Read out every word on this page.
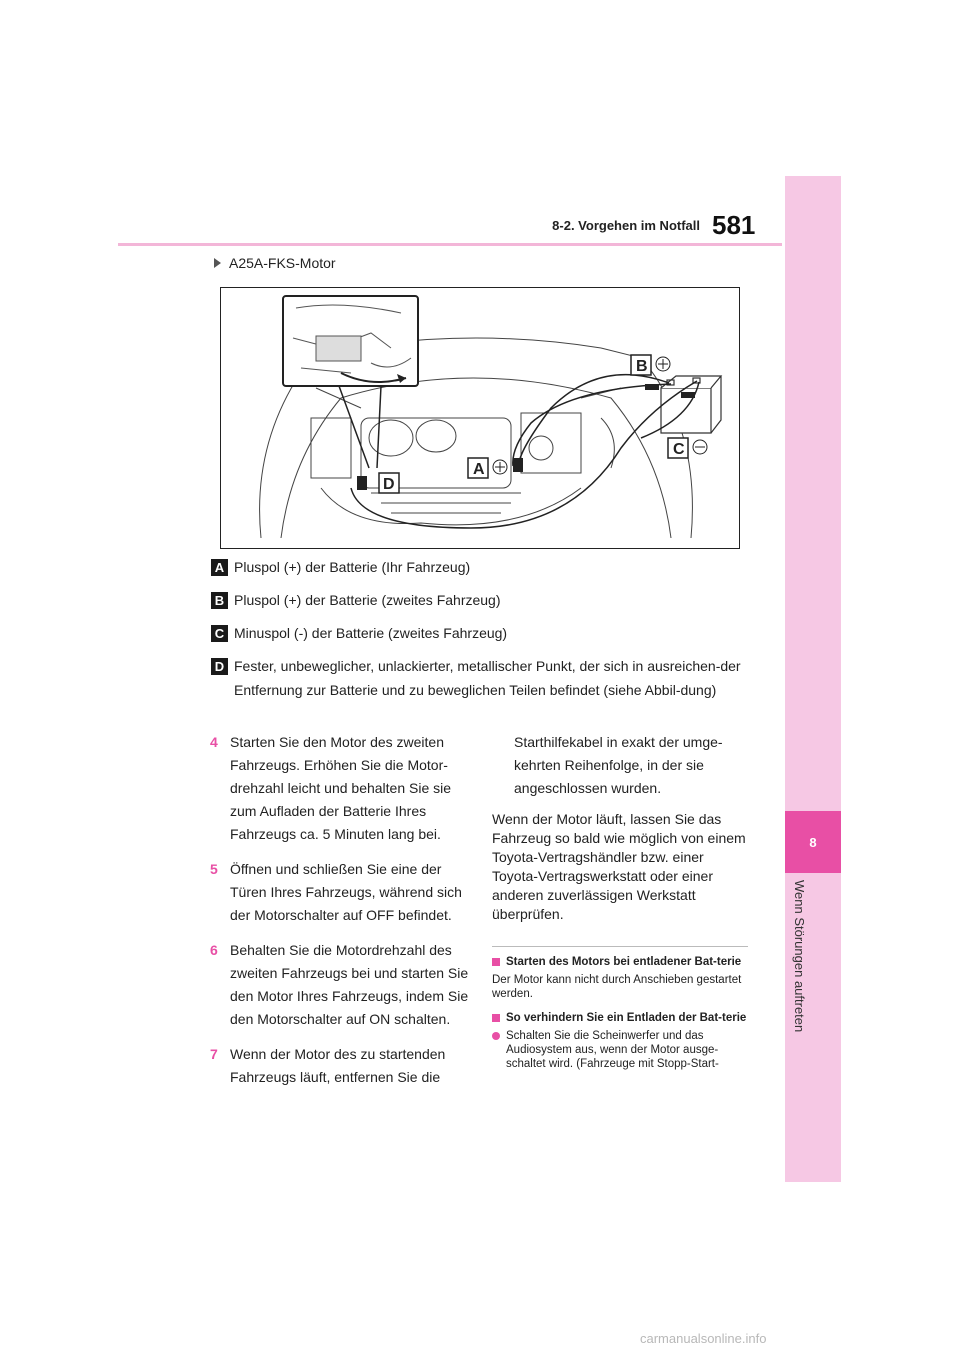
8-2. Vorgehen im Notfall 581
8
Wenn Störungen auftreten
A25A-FKS-Motor
B
C
A
D
A Pluspol (+) der Batterie (Ihr Fahrzeug)
B Pluspol (+) der Batterie (zweites Fahrzeug)
C Minuspol (-) der Batterie (zweites Fahrzeug)
D Fester, unbeweglicher, unlackierter, metallischer Punkt, der sich in ausreichen-der Entfernung zur Batterie und zu beweglichen Teilen befindet (siehe Abbil-dung)
4 Starten Sie den Motor des zweiten Fahrzeugs. Erhöhen Sie die Motor-drehzahl leicht und behalten Sie sie zum Aufladen der Batterie Ihres Fahrzeugs ca. 5 Minuten lang bei.
5 Öffnen und schließen Sie eine der Türen Ihres Fahrzeugs, während sich der Motorschalter auf OFF befindet.
6 Behalten Sie die Motordrehzahl des zweiten Fahrzeugs bei und starten Sie den Motor Ihres Fahrzeugs, indem Sie den Motorschalter auf ON schalten.
7 Wenn der Motor des zu startenden Fahrzeugs läuft, entfernen Sie die
Starthilfekabel in exakt der umge-kehrten Reihenfolge, in der sie angeschlossen wurden.
Wenn der Motor läuft, lassen Sie das Fahrzeug so bald wie möglich von einem Toyota-Vertragshändler bzw. einer Toyota-Vertragswerkstatt oder einer anderen zuverlässigen Werkstatt überprüfen.
Starten des Motors bei entladener Bat-terie
Der Motor kann nicht durch Anschieben gestartet werden.
So verhindern Sie ein Entladen der Bat-terie
Schalten Sie die Scheinwerfer und das Audiosystem aus, wenn der Motor ausge-schaltet wird. (Fahrzeuge mit Stopp-Start-
carmanualsonline.info
